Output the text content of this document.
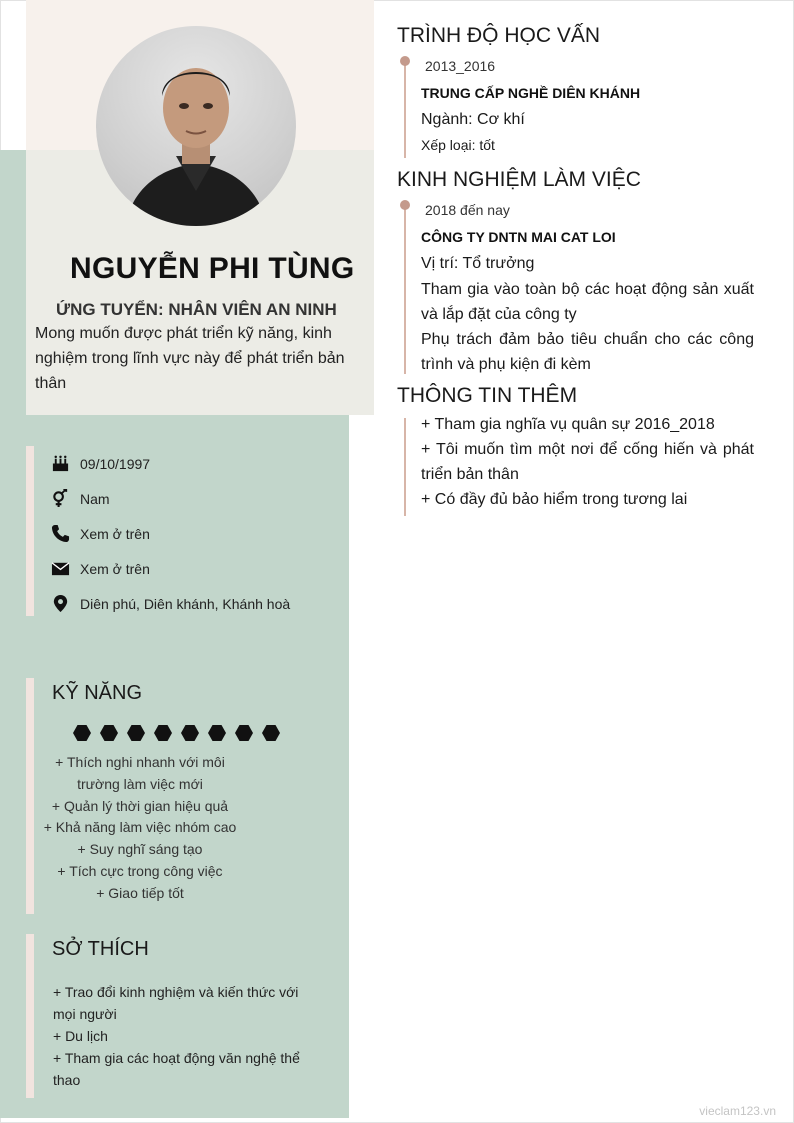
NGUYỄN PHI TÙNG
ỨNG TUYỂN: NHÂN VIÊN AN NINH

Mong muốn được phát triển kỹ năng, kinh nghiệm trong lĩnh vực này để phát triển bản thân

09/10/1997
Nam
Xem ở trên
Xem ở trên
Diên phú, Diên khánh, Khánh hoà
KỸ NĂNG
+ Thích nghi nhanh với môi trường làm việc mới
+ Quản lý thời gian hiệu quả
+ Khả năng làm việc nhóm cao
+ Suy nghĩ sáng tạo
+ Tích cực trong công việc
+ Giao tiếp tốt
SỞ THÍCH
+ Trao đổi kinh nghiệm và kiến thức với mọi người
+ Du lịch
+ Tham gia các hoạt động văn nghệ thể thao
TRÌNH ĐỘ HỌC VẤN
2013_2016
TRUNG CẤP NGHỀ DIÊN KHÁNH
Ngành: Cơ khí
Xếp loại: tốt
KINH NGHIỆM LÀM VIỆC
2018 đến nay
CÔNG TY DNTN MAI CAT LOI
Vị trí: Tổ trưởng

Tham gia vào toàn bộ các hoạt động sản xuất và lắp đặt của công ty

Phụ trách đảm bảo tiêu chuẩn cho các công trình và phụ kiện đi kèm

THÔNG TIN THÊM

+ Tham gia nghĩa vụ quân sự 2016_2018

+ Tôi muốn tìm một nơi để cống hiến và phát triển bản thân

+ Có đầy đủ bảo hiểm trong tương lai

vieclam123.vn
